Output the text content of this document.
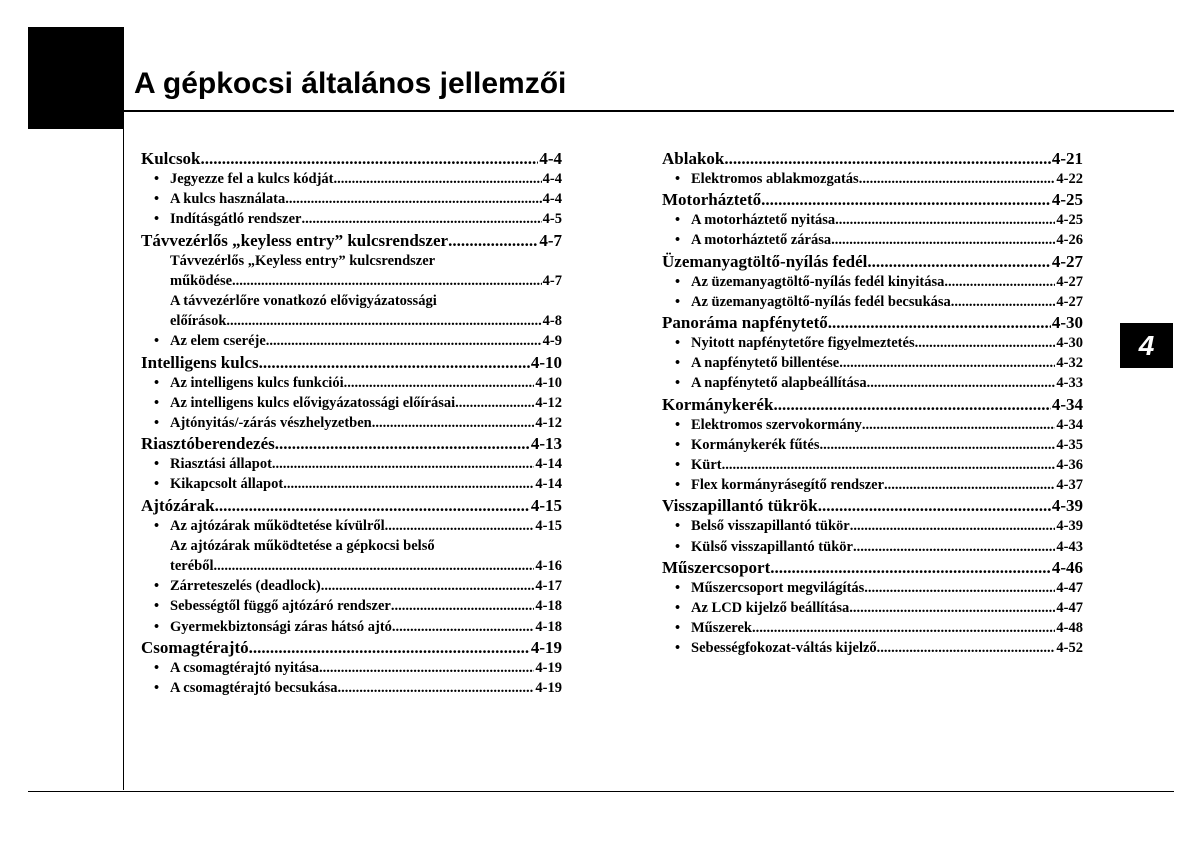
A gépkocsi általános jellemzői
Kulcsok .....	4-4
• Jegyezze fel a kulcs kódját .....	4-4
• A kulcs használata .....	4-4
• Indításgátló rendszer .....	4-5
Távvezérlős „keyless entry” kulcsrendszer .....	4-7
Távvezérlős „Keyless entry” kulcsrendszer
működése .....	4-7
A távvezérlőre vonatkozó elővigyázatossági
előírások .....	4-8
• Az elem cseréje .....	4-9
Intelligens kulcs .....	4-10
• Az intelligens kulcs funkciói .....	4-10
• Az intelligens kulcs elővigyázatossági előírásai .....	4-12
• Ajtónyitás/-zárás vészhelyzetben .....	4-12
Riasztóberendezés .....	4-13
• Riasztási állapot .....	4-14
• Kikapcsolt állapot .....	4-14
Ajtózárak .....	4-15
• Az ajtózárak működtetése kívülről .....	4-15
Az ajtózárak működtetése a gépkocsi belső
teréből .....	4-16
• Zárreteszelés (deadlock) .....	4-17
• Sebességtől függő ajtózáró rendszer .....	4-18
• Gyermekbiztonsági záras hátsó ajtó .....	4-18
Csomagtérajtó .....	4-19
• A csomagtérajtó nyitása .....	4-19
• A csomagtérajtó becsukása .....	4-19
Ablakok .....	4-21
• Elektromos ablakmozgatás .....	4-22
Motorháztető .....	4-25
• A motorháztető nyitása .....	4-25
• A motorháztető zárása .....	4-26
Üzemanyagtöltő-nyílás fedél .....	4-27
• Az üzemanyagtöltő-nyílás fedél kinyitása .....	4-27
• Az üzemanyagtöltő-nyílás fedél becsukása .....	4-27
Panoráma napfénytető .....	4-30
• Nyitott napfénytetőre figyelmeztetés .....	4-30
• A napfénytető billentése .....	4-32
• A napfénytető alapbeállítása .....	4-33
Kormánykerék .....	4-34
• Elektromos szervokormány .....	4-34
• Kormánykerék fűtés .....	4-35
• Kürt .....	4-36
• Flex kormányrásegítő rendszer .....	4-37
Visszapillantó tükrök .....	4-39
• Belső visszapillantó tükör .....	4-39
• Külső visszapillantó tükör .....	4-43
Műszercsoport .....	4-46
• Műszercsoport megvilágítás .....	4-47
• Az LCD kijelző beállítása .....	4-47
• Műszerek .....	4-48
• Sebességfokozat-váltás kijelző .....	4-52
4
